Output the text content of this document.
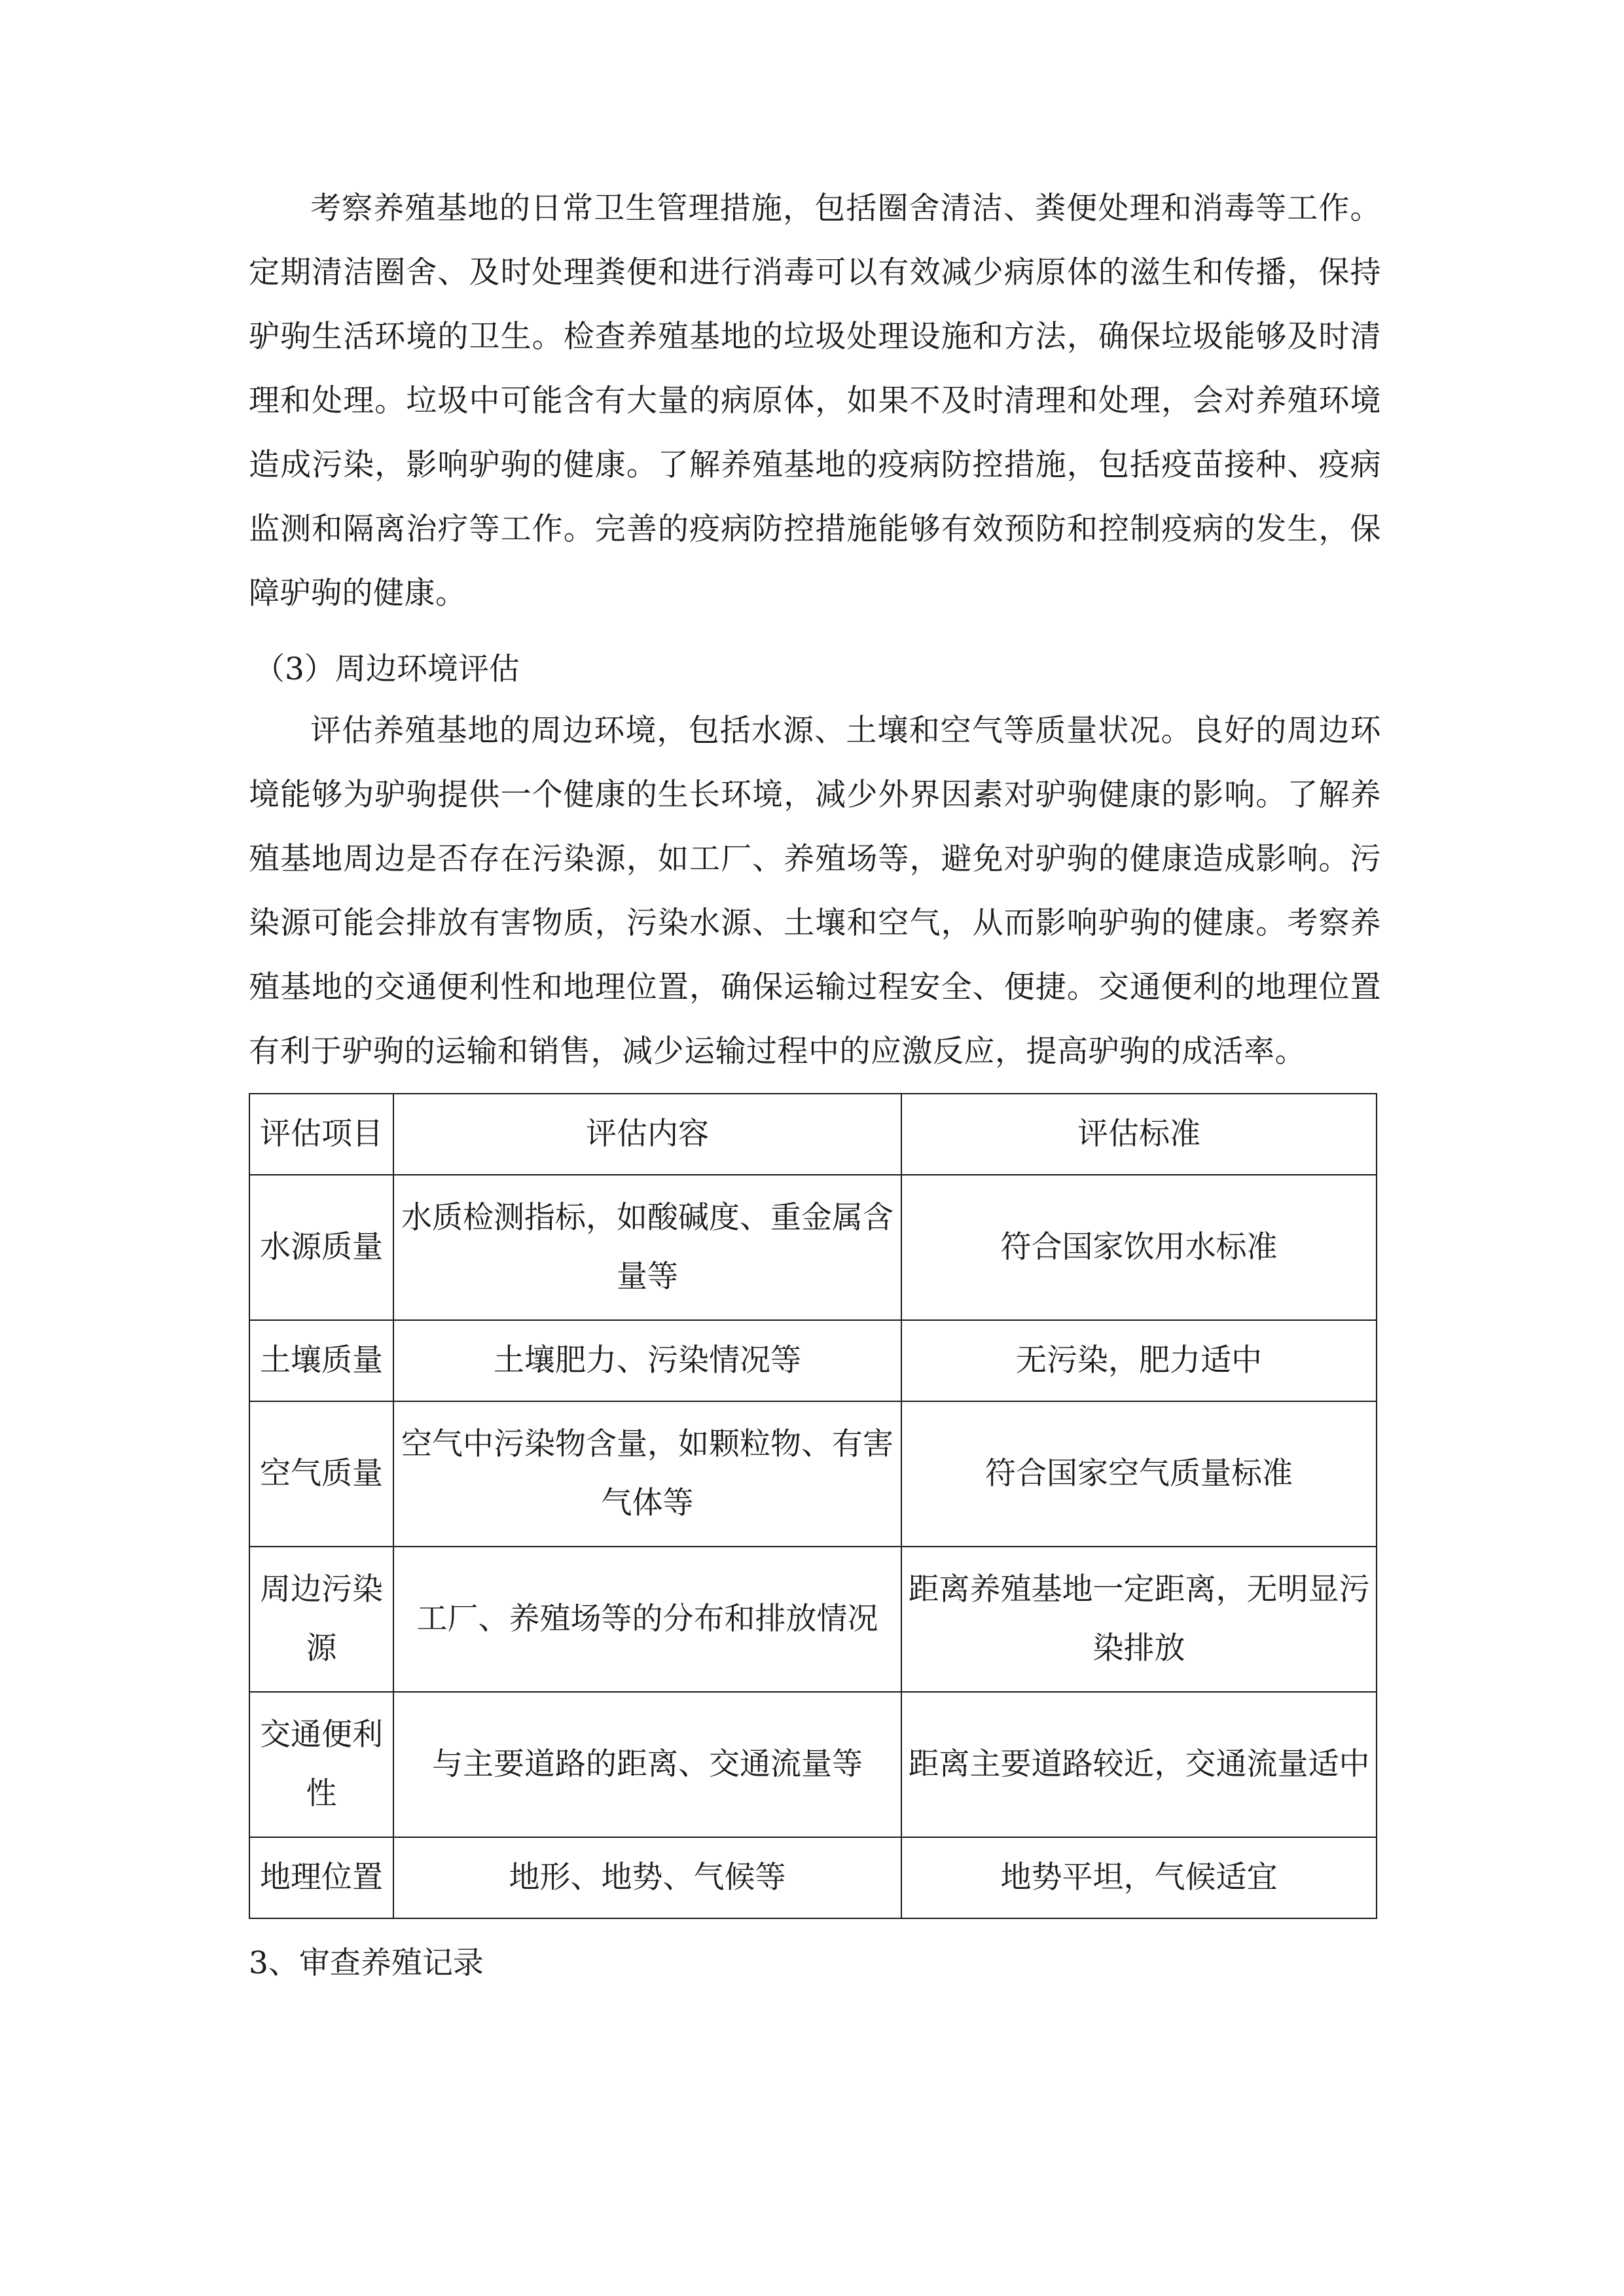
考察养殖基地的日常卫生管理措施，包括圈舍清洁、粪便处理和消毒等工作。定期清洁圈舍、及时处理粪便和进行消毒可以有效减少病原体的滋生和传播，保持驴驹生活环境的卫生。检查养殖基地的垃圾处理设施和方法，确保垃圾能够及时清理和处理。垃圾中可能含有大量的病原体，如果不及时清理和处理，会对养殖环境造成污染，影响驴驹的健康。了解养殖基地的疫病防控措施，包括疫苗接种、疫病监测和隔离治疗等工作。完善的疫病防控措施能够有效预防和控制疫病的发生，保障驴驹的健康。

（3）周边环境评估

评估养殖基地的周边环境，包括水源、土壤和空气等质量状况。良好的周边环境能够为驴驹提供一个健康的生长环境，减少外界因素对驴驹健康的影响。了解养殖基地周边是否存在污染源，如工厂、养殖场等，避免对驴驹的健康造成影响。污染源可能会排放有害物质，污染水源、土壤和空气，从而影响驴驹的健康。考察养殖基地的交通便利性和地理位置，确保运输过程安全、便捷。交通便利的地理位置有利于驴驹的运输和销售，减少运输过程中的应激反应，提高驴驹的成活率。

评估项目	评估内容	评估标准
水源质量	水质检测指标，如酸碱度、重金属含量等	符合国家饮用水标准
土壤质量	土壤肥力、污染情况等	无污染，肥力适中
空气质量	空气中污染物含量，如颗粒物、有害气体等	符合国家空气质量标准
周边污染源	工厂、养殖场等的分布和排放情况	距离养殖基地一定距离，无明显污染排放
交通便利性	与主要道路的距离、交通流量等	距离主要道路较近，交通流量适中
地理位置	地形、地势、气候等	地势平坦，气候适宜

3、审查养殖记录
